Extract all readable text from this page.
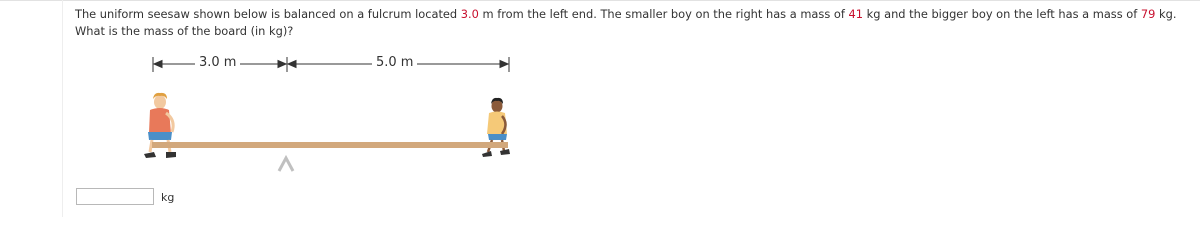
The uniform seesaw shown below is balanced on a fulcrum located 3.0 m from the left end. The smaller boy on the right has a mass of 41 kg and the bigger boy on the left has a mass of 79 kg. What is the mass of the board (in kg)?
3.0 m	5.0 m
kg
